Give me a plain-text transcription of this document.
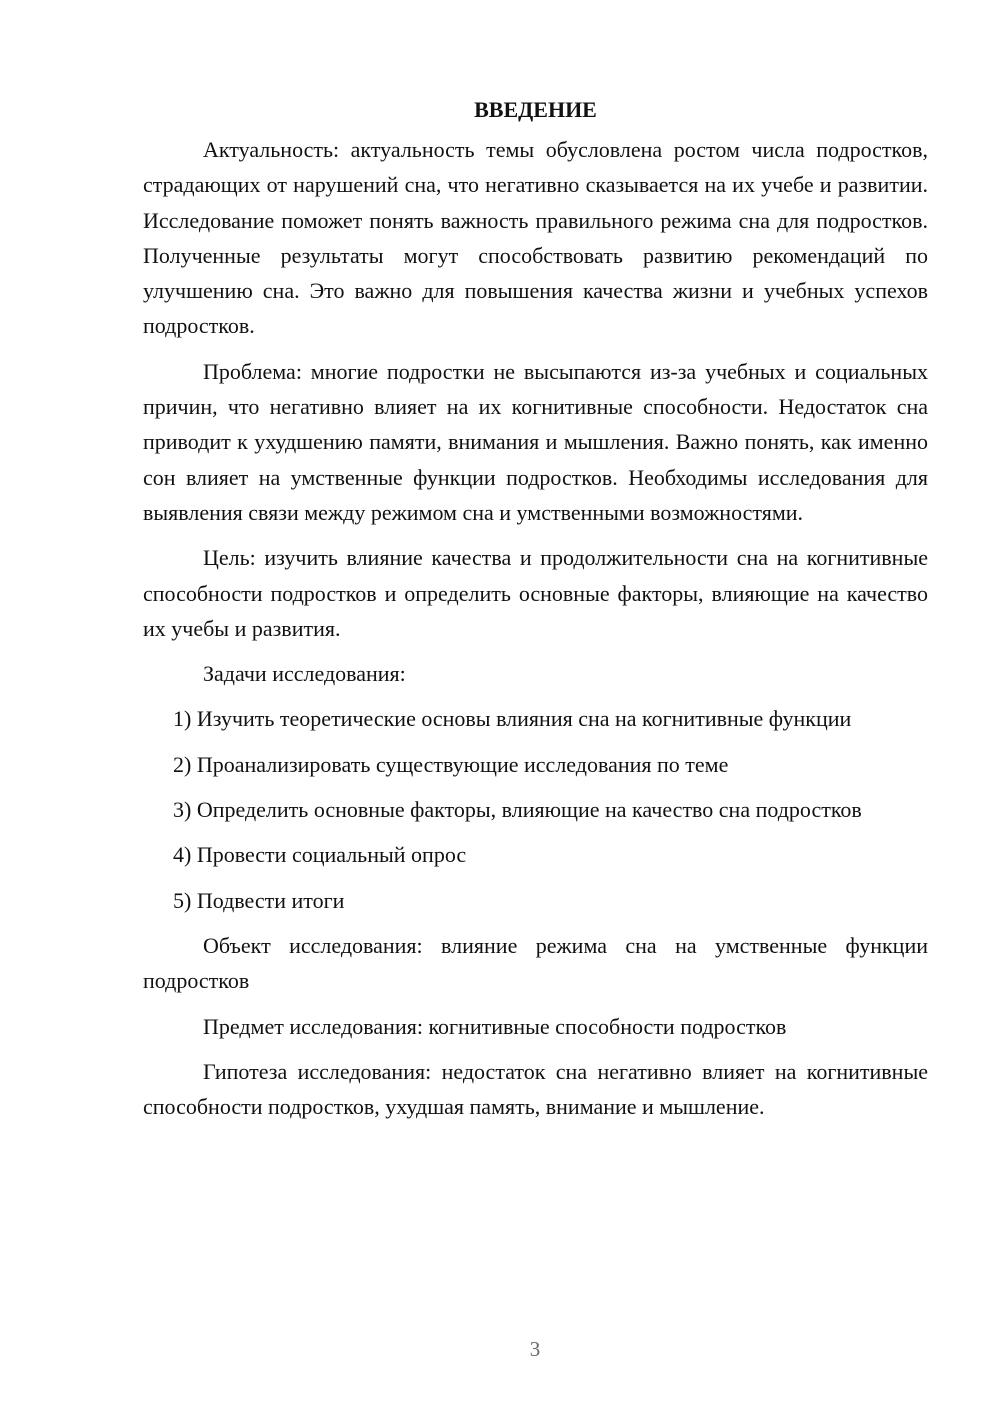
ВВЕДЕНИЕ

Актуальность: актуальность темы обусловлена ростом числа подростков, страдающих от нарушений сна, что негативно сказывается на их учебе и развитии. Исследование поможет понять важность правильного режима сна для подростков. Полученные результаты могут способствовать развитию рекомендаций по улучшению сна. Это важно для повышения качества жизни и учебных успехов подростков.

Проблема: многие подростки не высыпаются из-за учебных и социальных причин, что негативно влияет на их когнитивные способности. Недостаток сна приводит к ухудшению памяти, внимания и мышления. Важно понять, как именно сон влияет на умственные функции подростков. Необходимы исследования для выявления связи между режимом сна и умственными возможностями.

Цель: изучить влияние качества и продолжительности сна на когнитивные способности подростков и определить основные факторы, влияющие на качество их учебы и развития.

Задачи исследования:

1) Изучить теоретические основы влияния сна на когнитивные функции

2) Проанализировать существующие исследования по теме

3) Определить основные факторы, влияющие на качество сна подростков

4) Провести социальный опрос

5) Подвести итоги

Объект исследования: влияние режима сна на умственные функции подростков

Предмет исследования: когнитивные способности подростков

Гипотеза исследования: недостаток сна негативно влияет на когнитивные способности подростков, ухудшая память, внимание и мышление.

3
